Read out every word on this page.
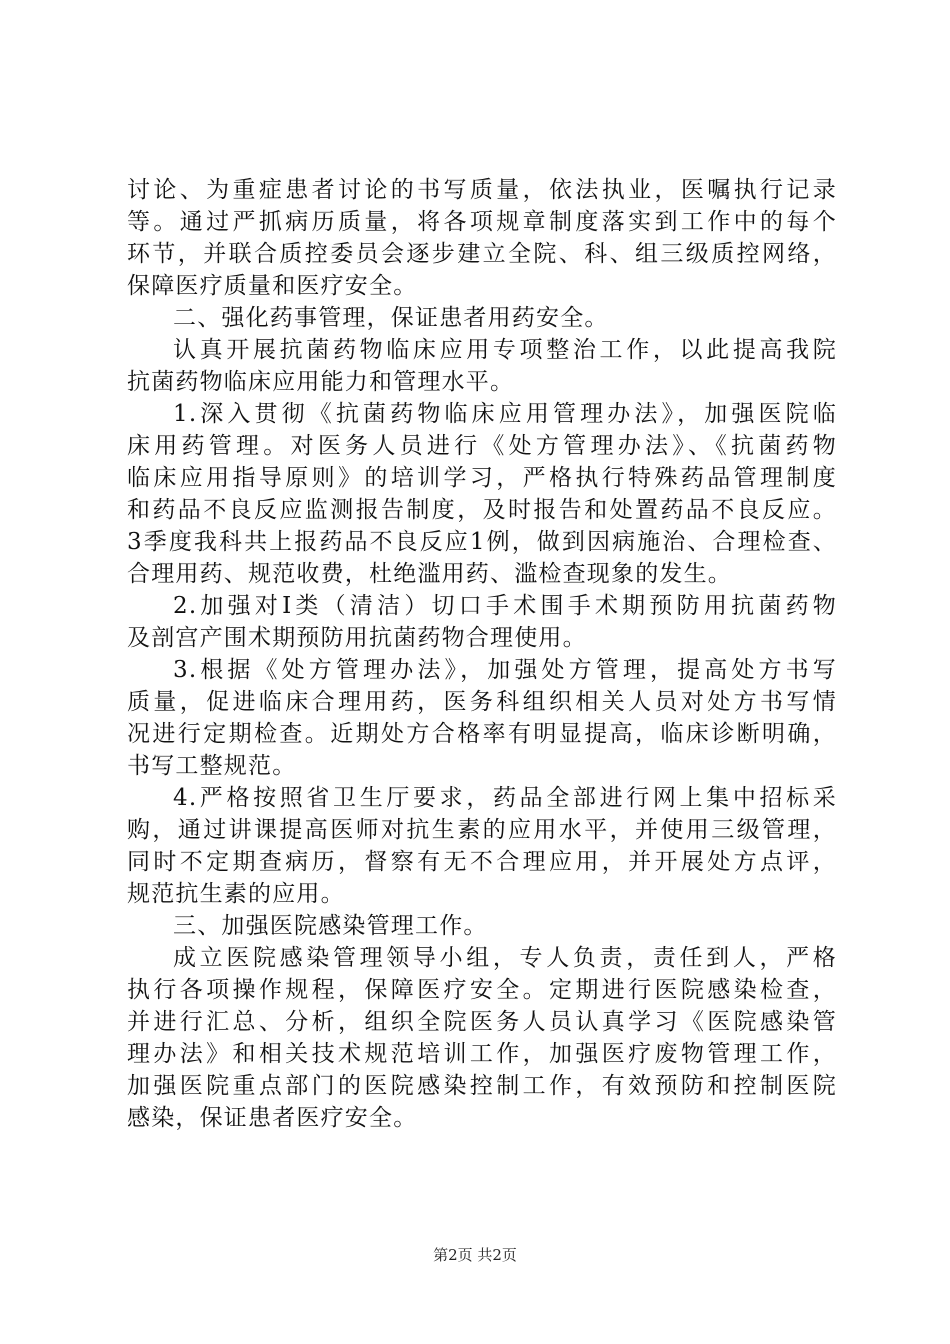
讨论、为重症患者讨论的书写质量，依法执业，医嘱执行记录
等。通过严抓病历质量，将各项规章制度落实到工作中的每个
环节，并联合质控委员会逐步建立全院、科、组三级质控网络，
保障医疗质量和医疗安全。
二、强化药事管理，保证患者用药安全。
认真开展抗菌药物临床应用专项整治工作，以此提高我院
抗菌药物临床应用能力和管理水平。
1.深入贯彻《抗菌药物临床应用管理办法》，加强医院临
床用药管理。对医务人员进行《处方管理办法》、《抗菌药物
临床应用指导原则》的培训学习，严格执行特殊药品管理制度
和药品不良反应监测报告制度，及时报告和处置药品不良反应。
3季度我科共上报药品不良反应1例，做到因病施治、合理检查、
合理用药、规范收费，杜绝滥用药、滥检查现象的发生。
2.加强对Ⅰ类（清洁）切口手术围手术期预防用抗菌药物
及剖宫产围术期预防用抗菌药物合理使用。
3.根据《处方管理办法》，加强处方管理，提高处方书写
质量，促进临床合理用药，医务科组织相关人员对处方书写情
况进行定期检查。近期处方合格率有明显提高，临床诊断明确，
书写工整规范。
4.严格按照省卫生厅要求，药品全部进行网上集中招标采
购，通过讲课提高医师对抗生素的应用水平，并使用三级管理，
同时不定期查病历，督察有无不合理应用，并开展处方点评，
规范抗生素的应用。
三、加强医院感染管理工作。
成立医院感染管理领导小组，专人负责，责任到人，严格
执行各项操作规程，保障医疗安全。定期进行医院感染检查，
并进行汇总、分析，组织全院医务人员认真学习《医院感染管
理办法》和相关技术规范培训工作，加强医疗废物管理工作，
加强医院重点部门的医院感染控制工作，有效预防和控制医院
感染，保证患者医疗安全。
第2页 共2页
